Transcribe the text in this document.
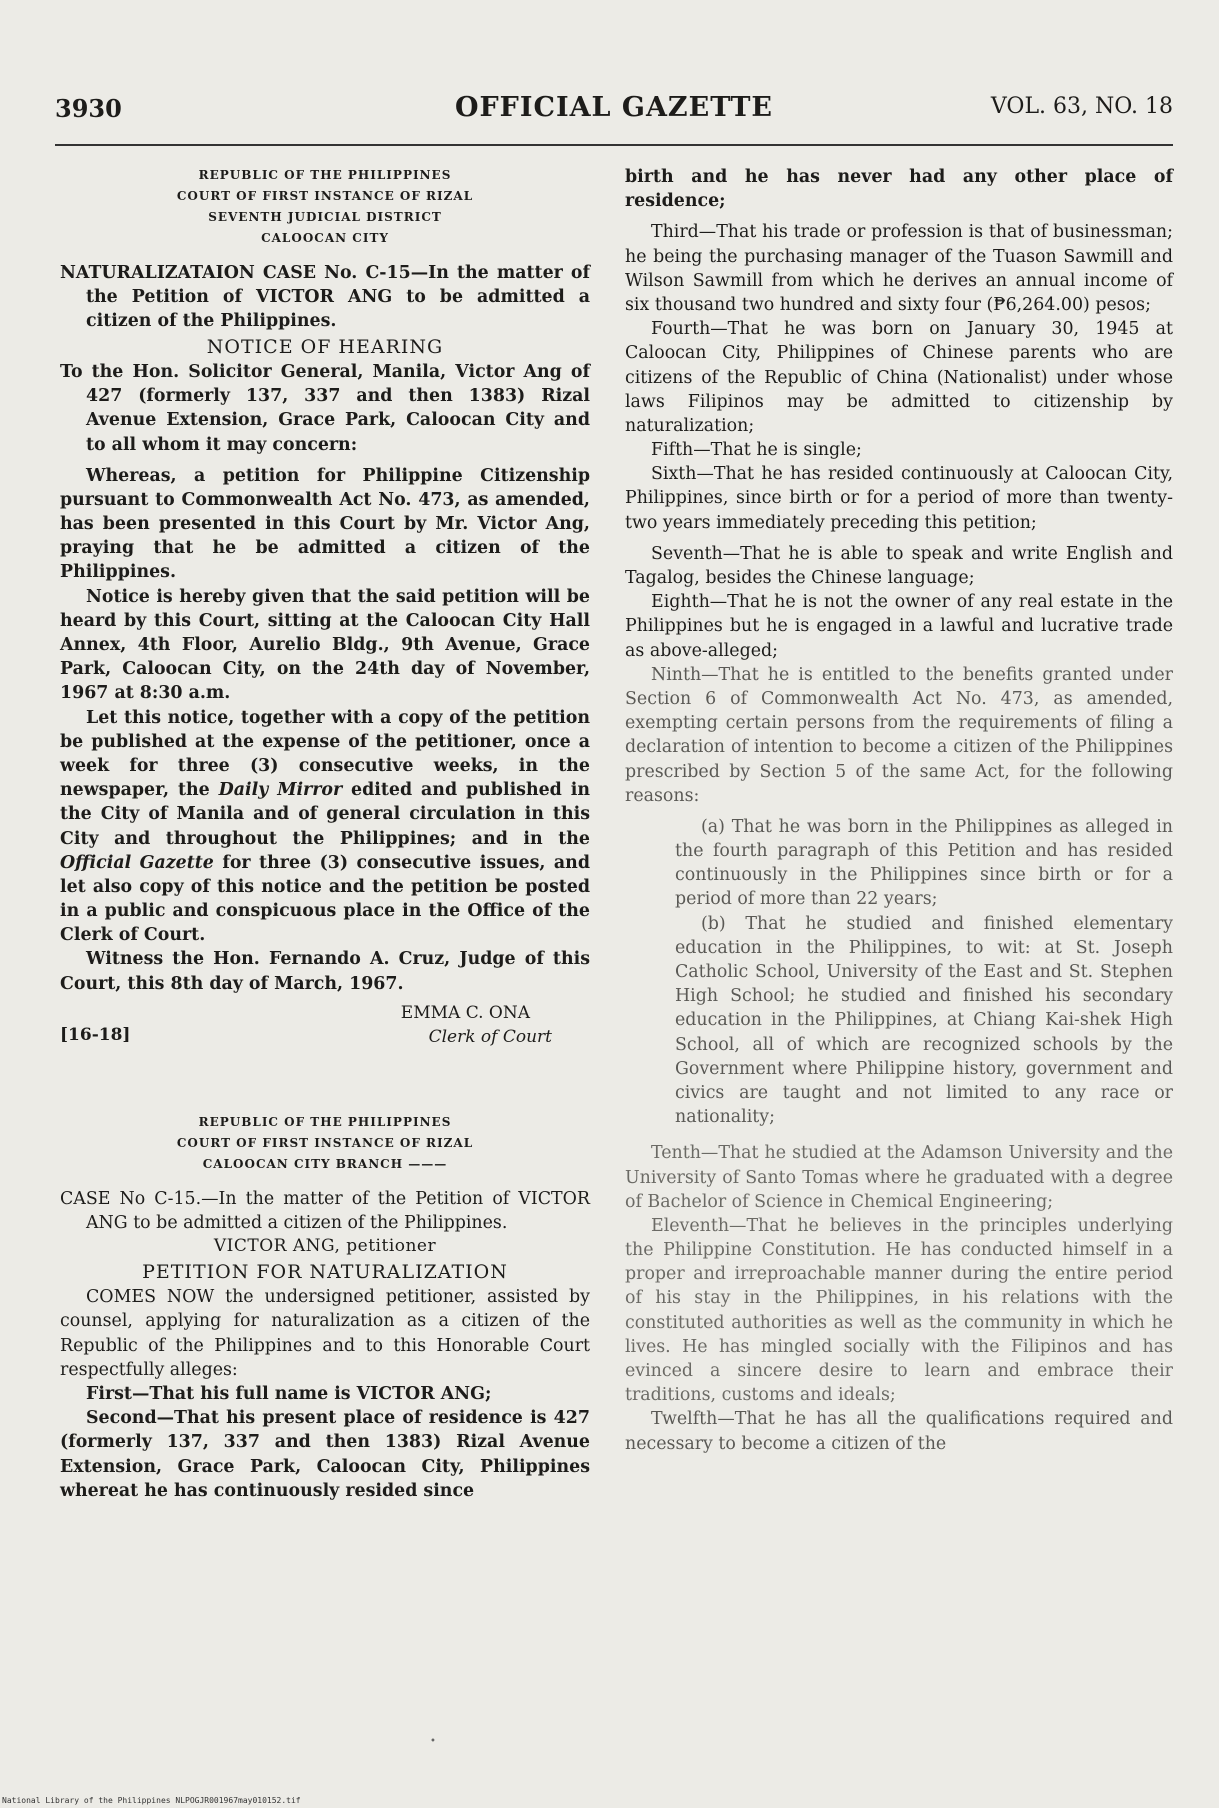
3930	OFFICIAL GAZETTE	VOL. 63, NO. 18

REPUBLIC OF THE PHILIPPINES

COURT OF FIRST INSTANCE OF RIZAL

SEVENTH JUDICIAL DISTRICT

CALOOCAN CITY

NATURALIZATAION CASE No. C-15—In the matter of the Petition of VICTOR ANG to be admitted a citizen of the Philippines.

NOTICE OF HEARING

To the Hon. Solicitor General, Manila, Victor Ang of 427 (formerly 137, 337 and then 1383) Rizal Avenue Extension, Grace Park, Caloocan City and to all whom it may concern:

Whereas, a petition for Philippine Citizenship pursuant to Commonwealth Act No. 473, as amended, has been presented in this Court by Mr. Victor Ang, praying that he be admitted a citizen of the Philippines.

Notice is hereby given that the said petition will be heard by this Court, sitting at the Caloocan City Hall Annex, 4th Floor, Aurelio Bldg., 9th Avenue, Grace Park, Caloocan City, on the 24th day of November, 1967 at 8:30 a.m.

Let this notice, together with a copy of the petition be published at the expense of the petitioner, once a week for three (3) consecutive weeks, in the newspaper, the Daily Mirror edited and published in the City of Manila and of general circulation in this City and throughout the Philippines; and in the Official Gazette for three (3) consecutive issues, and let also copy of this notice and the petition be posted in a public and conspicuous place in the Office of the Clerk of Court.

Witness the Hon. Fernando A. Cruz, Judge of this Court, this 8th day of March, 1967.

EMMA C. ONA
Clerk of Court
[16-18]

REPUBLIC OF THE PHILIPPINES

COURT OF FIRST INSTANCE OF RIZAL

CALOOCAN CITY BRANCH ———

CASE No C-15.—In the matter of the Petition of VICTOR ANG to be admitted a citizen of the Philippines.

VICTOR ANG, petitioner

PETITION FOR NATURALIZATION

COMES NOW the undersigned petitioner, assisted by counsel, applying for naturalization as a citizen of the Republic of the Philippines and to this Honorable Court respectfully alleges:

First—That his full name is VICTOR ANG;

Second—That his present place of residence is 427 (formerly 137, 337 and then 1383) Rizal Avenue Extension, Grace Park, Caloocan City, Philippines whereat he has continuously resided since

birth and he has never had any other place of residence;

Third—That his trade or profession is that of businessman; he being the purchasing manager of the Tuason Sawmill and Wilson Sawmill from which he derives an annual income of six thousand two hundred and sixty four (₱6,264.00) pesos;

Fourth—That he was born on January 30, 1945 at Caloocan City, Philippines of Chinese parents who are citizens of the Republic of China (Nationalist) under whose laws Filipinos may be admitted to citizenship by naturalization;

Fifth—That he is single;

Sixth—That he has resided continuously at Caloocan City, Philippines, since birth or for a period of more than twenty-two years immediately preceding this petition;

Seventh—That he is able to speak and write English and Tagalog, besides the Chinese language;

Eighth—That he is not the owner of any real estate in the Philippines but he is engaged in a lawful and lucrative trade as above-alleged;

Ninth—That he is entitled to the benefits granted under Section 6 of Commonwealth Act No. 473, as amended, exempting certain persons from the requirements of filing a declaration of intention to become a citizen of the Philippines prescribed by Section 5 of the same Act, for the following reasons:

(a) That he was born in the Philippines as alleged in the fourth paragraph of this Petition and has resided continuously in the Philippines since birth or for a period of more than 22 years;

(b) That he studied and finished elementary education in the Philippines, to wit: at St. Joseph Catholic School, University of the East and St. Stephen High School; he studied and finished his secondary education in the Philippines, at Chiang Kai-shek High School, all of which are recognized schools by the Government where Philippine history, government and civics are taught and not limited to any race or nationality;

Tenth—That he studied at the Adamson University and the University of Santo Tomas where he graduated with a degree of Bachelor of Science in Chemical Engineering;

Eleventh—That he believes in the principles underlying the Philippine Constitution. He has conducted himself in a proper and irreproachable manner during the entire period of his stay in the Philippines, in his relations with the constituted authorities as well as the community in which he lives. He has mingled socially with the Filipinos and has evinced a sincere desire to learn and embrace their traditions, customs and ideals;

Twelfth—That he has all the qualifications required and necessary to become a citizen of the

•
National Library of the Philippines NLPOGJR001967may010152.tif
